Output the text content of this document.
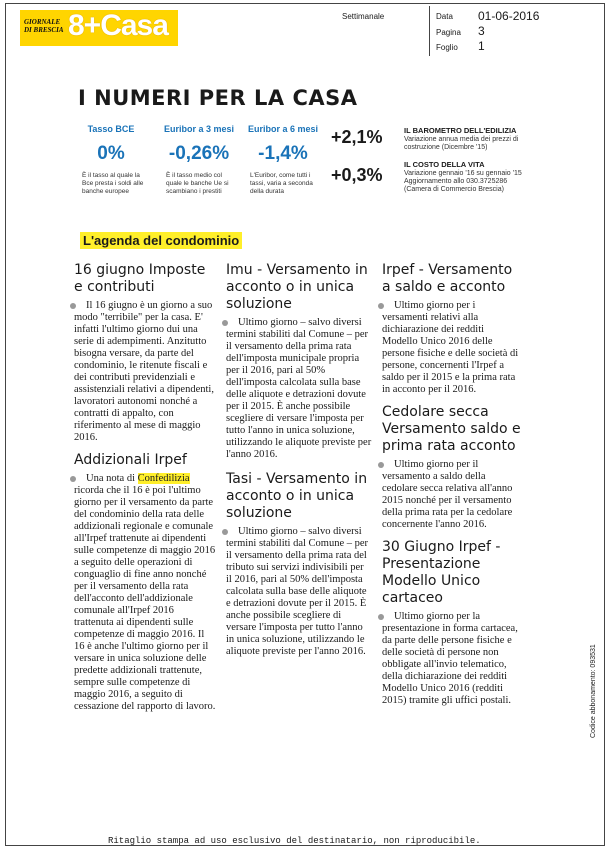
GIORNALE
DI BRESCIA 8+Casa	Settimanale	Data 01-06-2016
Pagina 3
Foglio 1
I NUMERI PER LA CASA
Tasso BCE
0%
È il tasso al quale la Bce presta i soldi alle banche europee
Euribor a 3 mesi
-0,26%
È il tasso medio col quale le banche Ue si scambiano i prestiti
Euribor a 6 mesi
-1,4%
L'Euribor, come tutti i tassi, varia a seconda della durata
+2,1%	IL BAROMETRO DELL'EDILIZIA
Variazione annua media dei prezzi di costruzione (Dicembre '15)
+0,3%
IL COSTO DELLA VITA
Variazione gennaio '16 su gennaio '15 Aggiornamento allo 030.3725286 (Camera di Commercio Brescia)
L'agenda del condominio
16 giugno Imposte e contributi
Il 16 giugno è un giorno a suo modo "terribile" per la casa. E' infatti l'ultimo giorno dui una serie di adempimenti. Anzitutto bisogna versare, da parte del condominio, le ritenute fiscali e dei contributi previdenziali e assistenziali relativi a dipendenti, lavoratori autonomi nonché a contratti di appalto, con riferimento al mese di maggio 2016.
Addizionali Irpef
Una nota di Confedilizia ricorda che il 16 è poi l'ultimo giorno per il versamento da parte del condominio della rata delle addizionali regionale e comunale all'Irpef trattenute ai dipendenti sulle competenze di maggio 2016 a seguito delle operazioni di conguaglio di fine anno nonché per il versamento della rata dell'acconto dell'addizionale comunale all'Irpef 2016 trattenuta ai dipendenti sulle competenze di maggio 2016. Il 16 è anche l'ultimo giorno per il versare in unica soluzione delle predette addizionali trattenute, sempre sulle competenze di maggio 2016, a seguito di cessazione del rapporto di lavoro.
Imu - Versamento in acconto o in unica soluzione
Ultimo giorno – salvo diversi termini stabiliti dal Comune – per il versamento della prima rata dell'imposta municipale propria per il 2016, pari al 50% dell'imposta calcolata sulla base delle aliquote e detrazioni dovute per il 2015. È anche possibile scegliere di versare l'imposta per tutto l'anno in unica soluzione, utilizzando le aliquote previste per l'anno 2016.
Tasi - Versamento in acconto o in unica soluzione
Ultimo giorno – salvo diversi termini stabiliti dal Comune – per il versamento della prima rata del tributo sui servizi indivisibili per il 2016, pari al 50% dell'imposta calcolata sulla base delle aliquote e detrazioni dovute per il 2015. È anche possibile scegliere di versare l'imposta per tutto l'anno in unica soluzione, utilizzando le aliquote previste per l'anno 2016.
Irpef - Versamento a saldo e acconto
Ultimo giorno per i versamenti relativi alla dichiarazione dei redditi Modello Unico 2016 delle persone fisiche e delle società di persone, concernenti l'Irpef a saldo per il 2015 e la prima rata in acconto per il 2016.
Cedolare secca Versamento saldo e prima rata acconto
Ultimo giorno per il versamento a saldo della cedolare secca relativa all'anno 2015 nonché per il versamento della prima rata per la cedolare concernente l'anno 2016.
30 Giugno Irpef - Presentazione Modello Unico cartaceo
Ultimo giorno per la presentazione in forma cartacea, da parte delle persone fisiche e delle società di persone non obbligate all'invio telematico, della dichiarazione dei redditi Modello Unico 2016 (redditi 2015) tramite gli uffici postali.	Codice abbonamento: 093531
Ritaglio stampa ad uso esclusivo del destinatario, non riproducibile.
